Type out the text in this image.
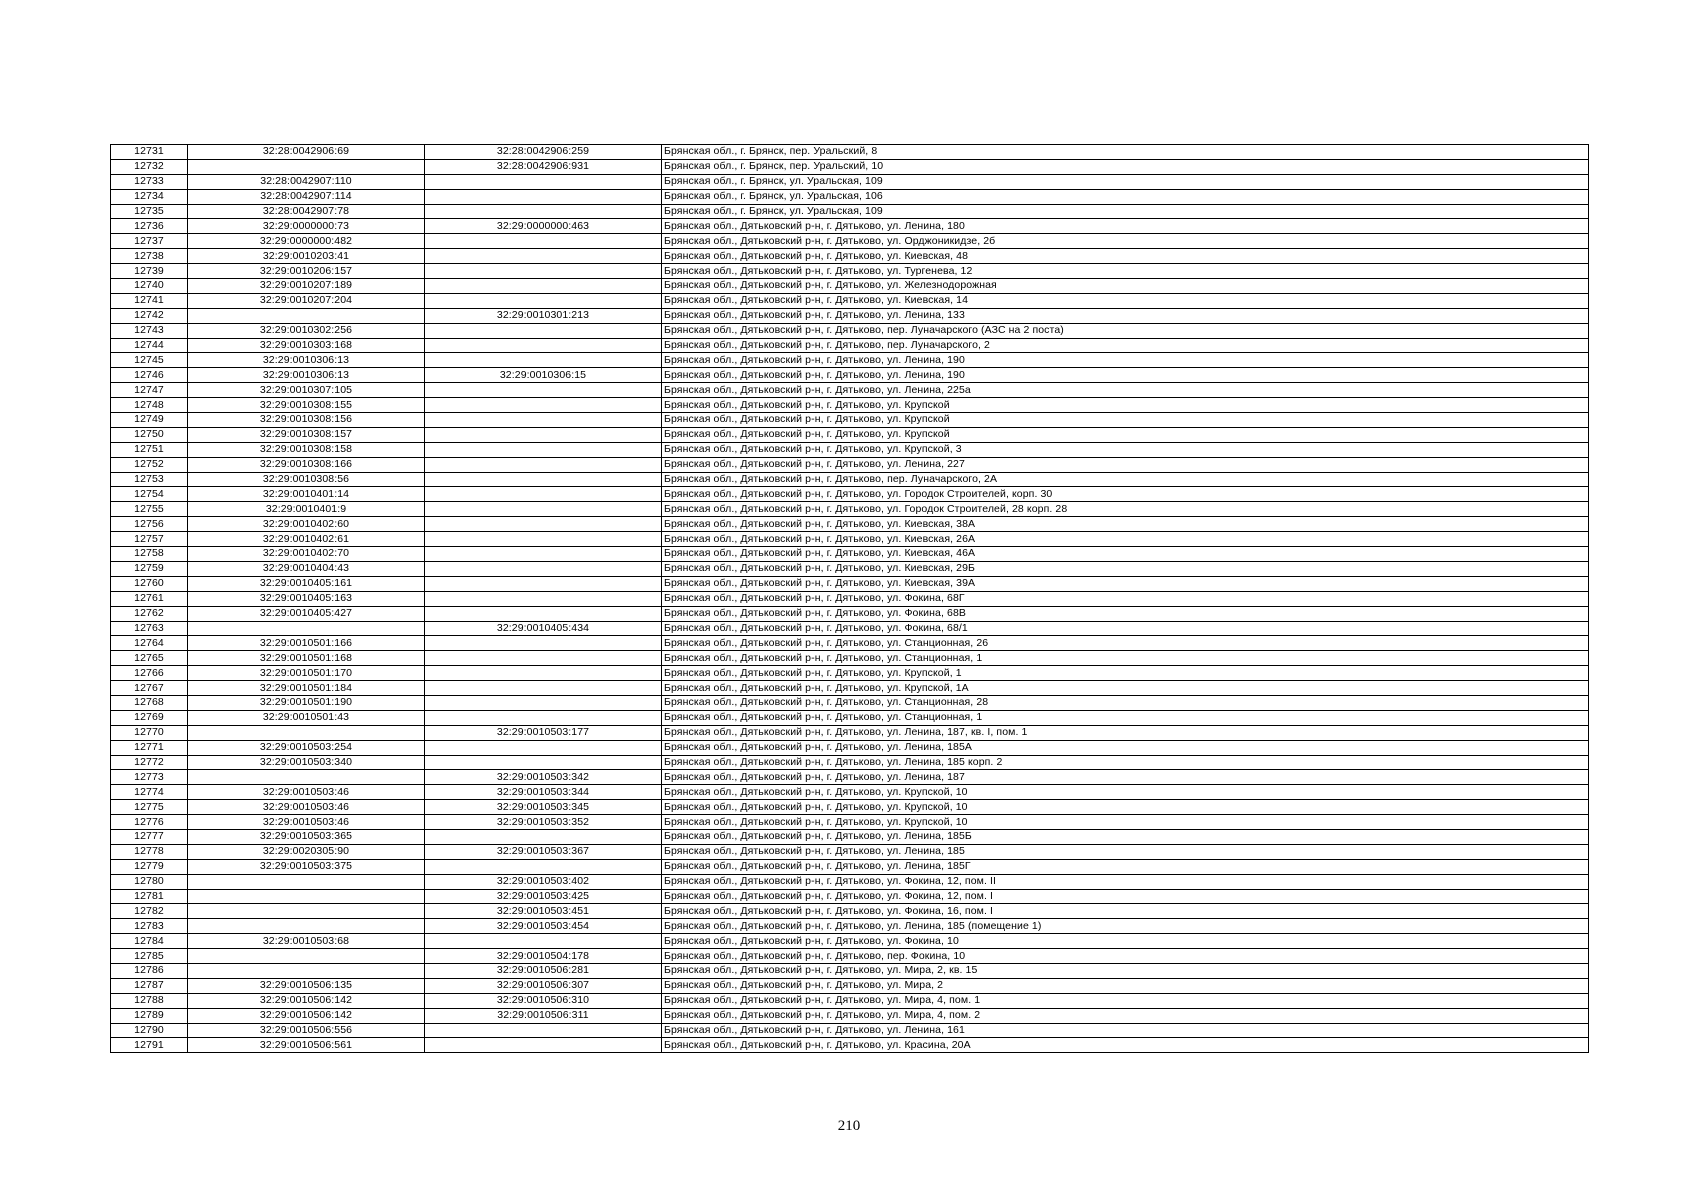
12731	32:28:0042906:69	32:28:0042906:259	Брянская обл., г. Брянск, пер. Уральский, 8
12732		32:28:0042906:931	Брянская обл., г. Брянск, пер. Уральский, 10
12733	32:28:0042907:110		Брянская обл., г. Брянск, ул. Уральская, 109
12734	32:28:0042907:114		Брянская обл., г. Брянск, ул. Уральская, 106
12735	32:28:0042907:78		Брянская обл., г. Брянск, ул. Уральская, 109
12736	32:29:0000000:73	32:29:0000000:463	Брянская обл., Дятьковский р-н, г. Дятьково, ул. Ленина, 180
12737	32:29:0000000:482		Брянская обл., Дятьковский р-н, г. Дятьково, ул. Орджоникидзе, 2б
12738	32:29:0010203:41		Брянская обл., Дятьковский р-н, г. Дятьково, ул. Киевская, 48
12739	32:29:0010206:157		Брянская обл., Дятьковский р-н, г. Дятьково, ул. Тургенева, 12
12740	32:29:0010207:189		Брянская обл., Дятьковский р-н, г. Дятьково, ул. Железнодорожная
12741	32:29:0010207:204		Брянская обл., Дятьковский р-н, г. Дятьково, ул. Киевская, 14
12742		32:29:0010301:213	Брянская обл., Дятьковский р-н, г. Дятьково, ул. Ленина, 133
12743	32:29:0010302:256		Брянская обл., Дятьковский р-н, г. Дятьково, пер. Луначарского (АЗС на 2 поста)
12744	32:29:0010303:168		Брянская обл., Дятьковский р-н, г. Дятьково, пер. Луначарского, 2
12745	32:29:0010306:13		Брянская обл., Дятьковский р-н, г. Дятьково, ул. Ленина, 190
12746	32:29:0010306:13	32:29:0010306:15	Брянская обл., Дятьковский р-н, г. Дятьково, ул. Ленина, 190
12747	32:29:0010307:105		Брянская обл., Дятьковский р-н, г. Дятьково, ул. Ленина, 225а
12748	32:29:0010308:155		Брянская обл., Дятьковский р-н, г. Дятьково, ул. Крупской
12749	32:29:0010308:156		Брянская обл., Дятьковский р-н, г. Дятьково, ул. Крупской
12750	32:29:0010308:157		Брянская обл., Дятьковский р-н, г. Дятьково, ул. Крупской
12751	32:29:0010308:158		Брянская обл., Дятьковский р-н, г. Дятьково, ул. Крупской, 3
12752	32:29:0010308:166		Брянская обл., Дятьковский р-н, г. Дятьково, ул. Ленина, 227
12753	32:29:0010308:56		Брянская обл., Дятьковский р-н, г. Дятьково, пер. Луначарского, 2А
12754	32:29:0010401:14		Брянская обл., Дятьковский р-н, г. Дятьково, ул. Городок Строителей, корп. 30
12755	32:29:0010401:9		Брянская обл., Дятьковский р-н, г. Дятьково, ул. Городок Строителей, 28 корп. 28
12756	32:29:0010402:60		Брянская обл., Дятьковский р-н, г. Дятьково, ул. Киевская, 38А
12757	32:29:0010402:61		Брянская обл., Дятьковский р-н, г. Дятьково, ул. Киевская, 26А
12758	32:29:0010402:70		Брянская обл., Дятьковский р-н, г. Дятьково, ул. Киевская, 46А
12759	32:29:0010404:43		Брянская обл., Дятьковский р-н, г. Дятьково, ул. Киевская, 29Б
12760	32:29:0010405:161		Брянская обл., Дятьковский р-н, г. Дятьково, ул. Киевская, 39А
12761	32:29:0010405:163		Брянская обл., Дятьковский р-н, г. Дятьково, ул. Фокина, 68Г
12762	32:29:0010405:427		Брянская обл., Дятьковский р-н, г. Дятьково, ул. Фокина, 68В
12763		32:29:0010405:434	Брянская обл., Дятьковский р-н, г. Дятьково, ул. Фокина, 68/1
12764	32:29:0010501:166		Брянская обл., Дятьковский р-н, г. Дятьково, ул. Станционная, 26
12765	32:29:0010501:168		Брянская обл., Дятьковский р-н, г. Дятьково, ул. Станционная, 1
12766	32:29:0010501:170		Брянская обл., Дятьковский р-н, г. Дятьково, ул. Крупской, 1
12767	32:29:0010501:184		Брянская обл., Дятьковский р-н, г. Дятьково, ул. Крупской, 1А
12768	32:29:0010501:190		Брянская обл., Дятьковский р-н, г. Дятьково, ул. Станционная, 28
12769	32:29:0010501:43		Брянская обл., Дятьковский р-н, г. Дятьково, ул. Станционная, 1
12770		32:29:0010503:177	Брянская обл., Дятьковский р-н, г. Дятьково, ул. Ленина, 187, кв. I, пом. 1
12771	32:29:0010503:254		Брянская обл., Дятьковский р-н, г. Дятьково, ул. Ленина, 185А
12772	32:29:0010503:340		Брянская обл., Дятьковский р-н, г. Дятьково, ул. Ленина, 185 корп. 2
12773		32:29:0010503:342	Брянская обл., Дятьковский р-н, г. Дятьково, ул. Ленина, 187
12774	32:29:0010503:46	32:29:0010503:344	Брянская обл., Дятьковский р-н, г. Дятьково, ул. Крупской, 10
12775	32:29:0010503:46	32:29:0010503:345	Брянская обл., Дятьковский р-н, г. Дятьково, ул. Крупской, 10
12776	32:29:0010503:46	32:29:0010503:352	Брянская обл., Дятьковский р-н, г. Дятьково, ул. Крупской, 10
12777	32:29:0010503:365		Брянская обл., Дятьковский р-н, г. Дятьково, ул. Ленина, 185Б
12778	32:29:0020305:90	32:29:0010503:367	Брянская обл., Дятьковский р-н, г. Дятьково, ул. Ленина, 185
12779	32:29:0010503:375		Брянская обл., Дятьковский р-н, г. Дятьково, ул. Ленина, 185Г
12780		32:29:0010503:402	Брянская обл., Дятьковский р-н, г. Дятьково, ул. Фокина, 12, пом. II
12781		32:29:0010503:425	Брянская обл., Дятьковский р-н, г. Дятьково, ул. Фокина, 12, пом. I
12782		32:29:0010503:451	Брянская обл., Дятьковский р-н, г. Дятьково, ул. Фокина, 16, пом. I
12783		32:29:0010503:454	Брянская обл., Дятьковский р-н, г. Дятьково, ул. Ленина, 185 (помещение 1)
12784	32:29:0010503:68		Брянская обл., Дятьковский р-н, г. Дятьково, ул. Фокина, 10
12785		32:29:0010504:178	Брянская обл., Дятьковский р-н, г. Дятьково, пер. Фокина, 10
12786		32:29:0010506:281	Брянская обл., Дятьковский р-н, г. Дятьково, ул. Мира, 2, кв. 15
12787	32:29:0010506:135	32:29:0010506:307	Брянская обл., Дятьковский р-н, г. Дятьково, ул. Мира, 2
12788	32:29:0010506:142	32:29:0010506:310	Брянская обл., Дятьковский р-н, г. Дятьково, ул. Мира, 4, пом. 1
12789	32:29:0010506:142	32:29:0010506:311	Брянская обл., Дятьковский р-н, г. Дятьково, ул. Мира, 4, пом. 2
12790	32:29:0010506:556		Брянская обл., Дятьковский р-н, г. Дятьково, ул. Ленина, 161
12791	32:29:0010506:561		Брянская обл., Дятьковский р-н, г. Дятьково, ул. Красина, 20А
210
